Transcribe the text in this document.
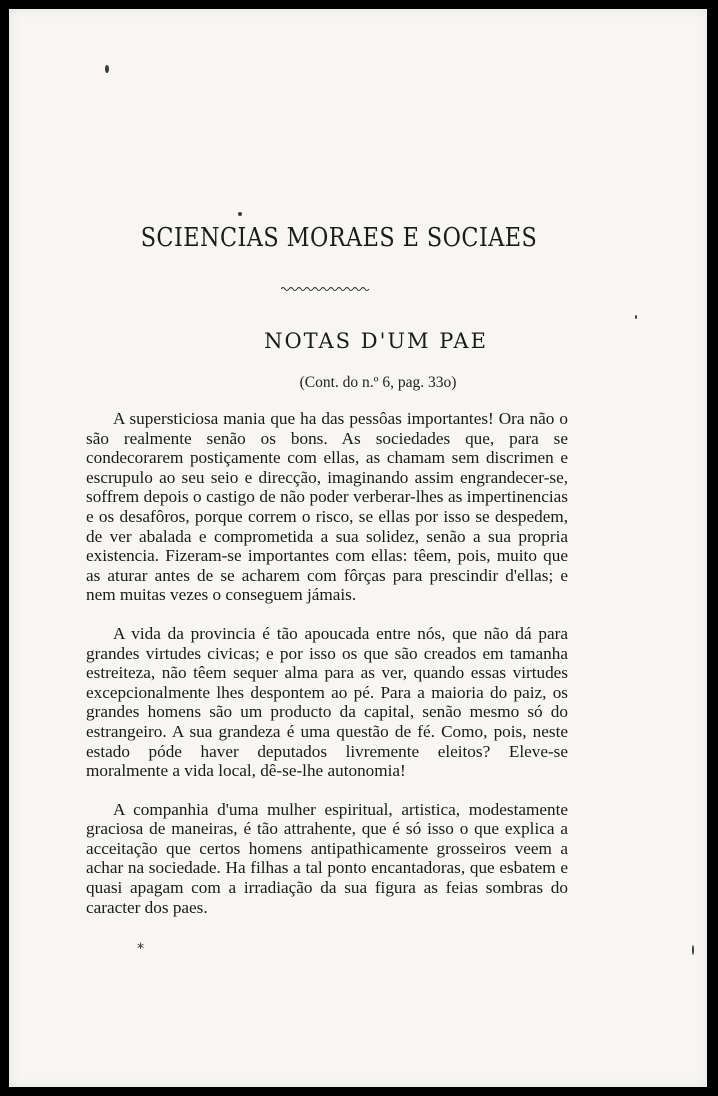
SCIENCIAS MORAES E SOCIAES
NOTAS D'UM PAE
(Cont. do n.º 6, pag. 33o)

A supersticiosa mania que ha das pessôas importantes! Ora não o são realmente senão os bons. As sociedades que, para se condecorarem postiçamente com ellas, as chamam sem discrimen e escrupulo ao seu seio e direcção, imaginando assim engrandecer-se, soffrem depois o castigo de não poder verberar-lhes as impertinencias e os desafôros, porque correm o risco, se ellas por isso se despedem, de ver abalada e comprometida a sua solidez, senão a sua propria existencia. Fizeram-se importantes com ellas: têem, pois, muito que as aturar antes de se acharem com fôrças para prescindir d'ellas; e nem muitas vezes o conseguem jámais.

A vida da provincia é tão apoucada entre nós, que não dá para grandes virtudes civicas; e por isso os que são creados em tamanha estreiteza, não têem sequer alma para as ver, quando essas virtudes excepcionalmente lhes despontem ao pé. Para a maioria do paiz, os grandes homens são um producto da capital, senão mesmo só do estrangeiro. A sua grandeza é uma questão de fé. Como, pois, neste estado póde haver deputados livremente eleitos? Eleve-se moralmente a vida local, dê-se-lhe autonomia!

A companhia d'uma mulher espiritual, artistica, modestamente graciosa de maneiras, é tão attrahente, que é só isso o que explica a acceitação que certos homens antipathicamente grosseiros veem a achar na sociedade. Ha filhas a tal ponto encantadoras, que esbatem e quasi apagam com a irradiação da sua figura as feias sombras do caracter dos paes.

*
